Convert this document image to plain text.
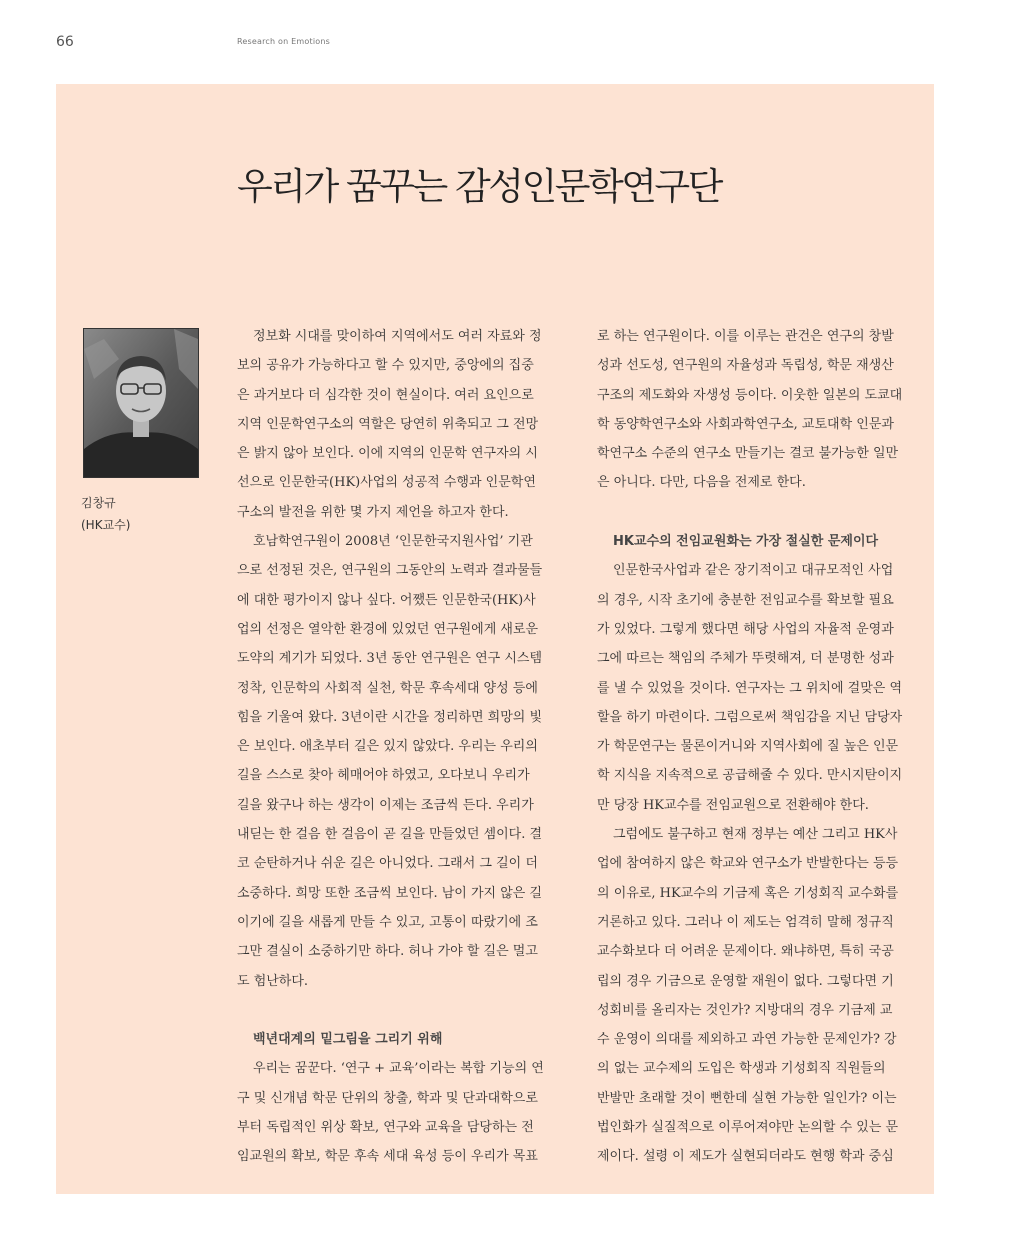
66	Research on Emotions
우리가 꿈꾸는 감성인문학연구단
김창규
(HK교수)
정보화 시대를 맞이하여 지역에서도 여러 자료와 정
보의 공유가 가능하다고 할 수 있지만, 중앙에의 집중
은 과거보다 더 심각한 것이 현실이다. 여러 요인으로
지역 인문학연구소의 역할은 당연히 위축되고 그 전망
은 밝지 않아 보인다. 이에 지역의 인문학 연구자의 시
선으로 인문한국(HK)사업의 성공적 수행과 인문학연
구소의 발전을 위한 몇 가지 제언을 하고자 한다.
호남학연구원이 2008년 ‘인문한국지원사업’ 기관
으로 선정된 것은, 연구원의 그동안의 노력과 결과물들
에 대한 평가이지 않나 싶다. 어쨌든 인문한국(HK)사
업의 선정은 열악한 환경에 있었던 연구원에게 새로운
도약의 계기가 되었다. 3년 동안 연구원은 연구 시스템
정착, 인문학의 사회적 실천, 학문 후속세대 양성 등에
힘을 기울여 왔다. 3년이란 시간을 정리하면 희망의 빛
은 보인다. 애초부터 길은 있지 않았다. 우리는 우리의
길을 스스로 찾아 헤매어야 하였고, 오다보니 우리가
길을 왔구나 하는 생각이 이제는 조금씩 든다. 우리가
내딛는 한 걸음 한 걸음이 곧 길을 만들었던 셈이다. 결
코 순탄하거나 쉬운 길은 아니었다. 그래서 그 길이 더
소중하다. 희망 또한 조금씩 보인다. 남이 가지 않은 길
이기에 길을 새롭게 만들 수 있고, 고통이 따랐기에 조
그만 결실이 소중하기만 하다. 허나 가야 할 길은 멀고
도 험난하다.
백년대계의 밑그림을 그리기 위해
우리는 꿈꾼다. ‘연구 + 교육’이라는 복합 기능의 연
구 및 신개념 학문 단위의 창출, 학과 및 단과대학으로
부터 독립적인 위상 확보, 연구와 교육을 담당하는 전
임교원의 확보, 학문 후속 세대 육성 등이 우리가 목표
로 하는 연구원이다. 이를 이루는 관건은 연구의 창발
성과 선도성, 연구원의 자율성과 독립성, 학문 재생산
구조의 제도화와 자생성 등이다. 이웃한 일본의 도쿄대
학 동양학연구소와 사회과학연구소, 교토대학 인문과
학연구소 수준의 연구소 만들기는 결코 불가능한 일만
은 아니다. 다만, 다음을 전제로 한다.
HK교수의 전임교원화는 가장 절실한 문제이다
인문한국사업과 같은 장기적이고 대규모적인 사업
의 경우, 시작 초기에 충분한 전임교수를 확보할 필요
가 있었다. 그렇게 했다면 해당 사업의 자율적 운영과
그에 따르는 책임의 주체가 뚜렷해져, 더 분명한 성과
를 낼 수 있었을 것이다. 연구자는 그 위치에 걸맞은 역
할을 하기 마련이다. 그럼으로써 책임감을 지닌 담당자
가 학문연구는 물론이거니와 지역사회에 질 높은 인문
학 지식을 지속적으로 공급해줄 수 있다. 만시지탄이지
만 당장 HK교수를 전임교원으로 전환해야 한다.
그럼에도 불구하고 현재 정부는 예산 그리고 HK사
업에 참여하지 않은 학교와 연구소가 반발한다는 등등
의 이유로, HK교수의 기금제 혹은 기성회직 교수화를
거론하고 있다. 그러나 이 제도는 엄격히 말해 정규직
교수화보다 더 어려운 문제이다. 왜냐하면, 특히 국공
립의 경우 기금으로 운영할 재원이 없다. 그렇다면 기
성회비를 올리자는 것인가? 지방대의 경우 기금제 교
수 운영이 의대를 제외하고 과연 가능한 문제인가? 강
의 없는 교수제의 도입은 학생과 기성회직 직원들의
반발만 초래할 것이 뻔한데 실현 가능한 일인가? 이는
법인화가 실질적으로 이루어져야만 논의할 수 있는 문
제이다. 설령 이 제도가 실현되더라도 현행 학과 중심
